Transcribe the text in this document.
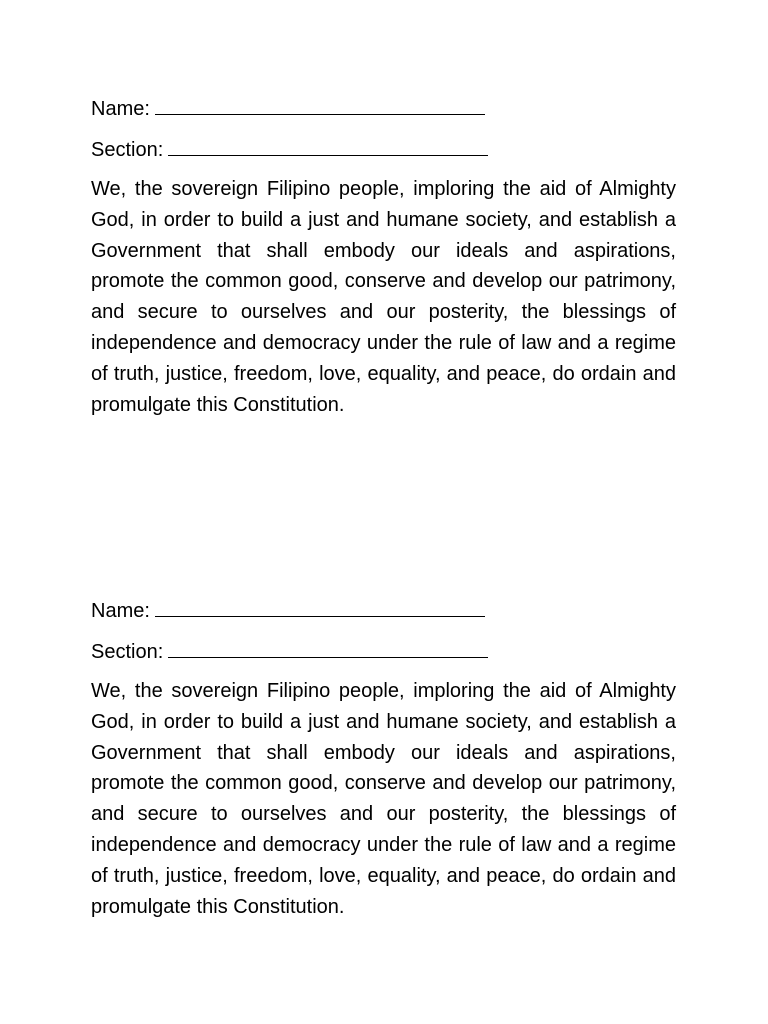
Name:

Section:

We, the sovereign Filipino people, imploring the aid of Almighty God, in order to build a just and humane society, and establish a Government that shall embody our ideals and aspirations, promote the common good, conserve and develop our patrimony, and secure to ourselves and our posterity, the blessings of independence and democracy under the rule of law and a regime of truth, justice, freedom, love, equality, and peace, do ordain and promulgate this Constitution.

Name:

Section:

We, the sovereign Filipino people, imploring the aid of Almighty God, in order to build a just and humane society, and establish a Government that shall embody our ideals and aspirations, promote the common good, conserve and develop our patrimony, and secure to ourselves and our posterity, the blessings of independence and democracy under the rule of law and a regime of truth, justice, freedom, love, equality, and peace, do ordain and promulgate this Constitution.
